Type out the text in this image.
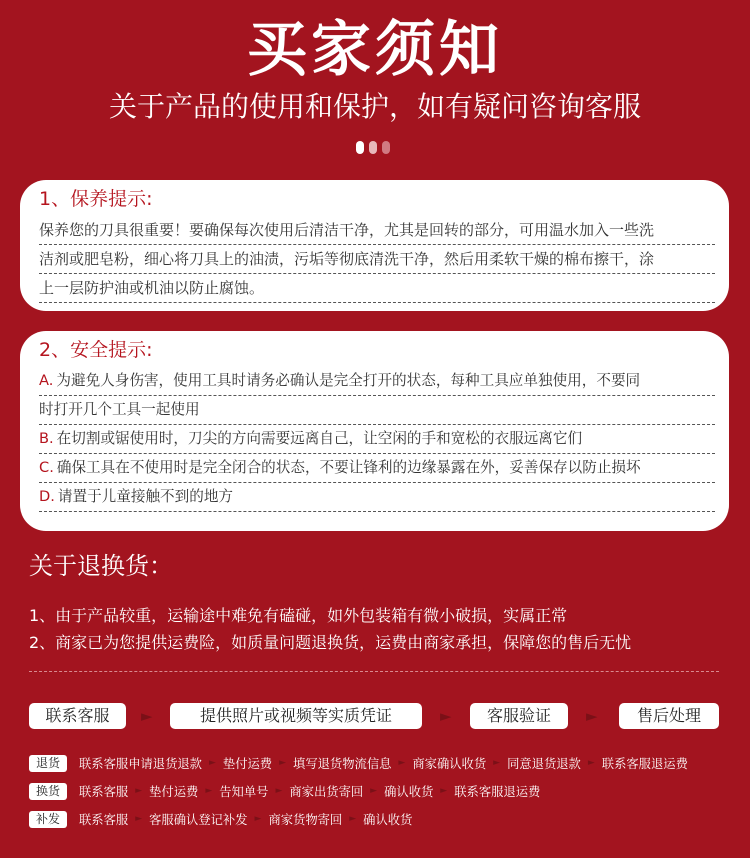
买家须知
关于产品的使用和保护，如有疑问咨询客服
1、保养提示:
保养您的刀具很重要！要确保每次使用后清洁干净，尤其是回转的部分，可用温水加入一些洗
洁剂或肥皂粉，细心将刀具上的油渍，污垢等彻底清洗干净，然后用柔软干燥的棉布擦干，涂
上一层防护油或机油以防止腐蚀。
2、安全提示:
A. 为避免人身伤害，使用工具时请务必确认是完全打开的状态，每种工具应单独使用，不要同
时打开几个工具一起使用
B. 在切割或锯使用时，刀尖的方向需要远离自己，让空闲的手和宽松的衣服远离它们
C. 确保工具在不使用时是完全闭合的状态，不要让锋利的边缘暴露在外，妥善保存以防止损坏
D. 请置于儿童接触不到的地方
关于退换货：
1、由于产品较重，运输途中难免有磕碰，如外包装箱有微小破损，实属正常
2、商家已为您提供运费险，如质量问题退换货，运费由商家承担，保障您的售后无忧
联系客服	►	提供照片或视频等实质凭证	►	客服验证	►	售后处理
退货	联系客服申请退货退款 ► 垫付运费 ► 填写退货物流信息 ► 商家确认收货 ► 同意退货退款 ► 联系客服退运费
换货	联系客服 ► 垫付运费 ► 告知单号 ► 商家出货寄回 ► 确认收货 ► 联系客服退运费
补发	联系客服 ► 客服确认登记补发 ► 商家货物寄回 ► 确认收货
